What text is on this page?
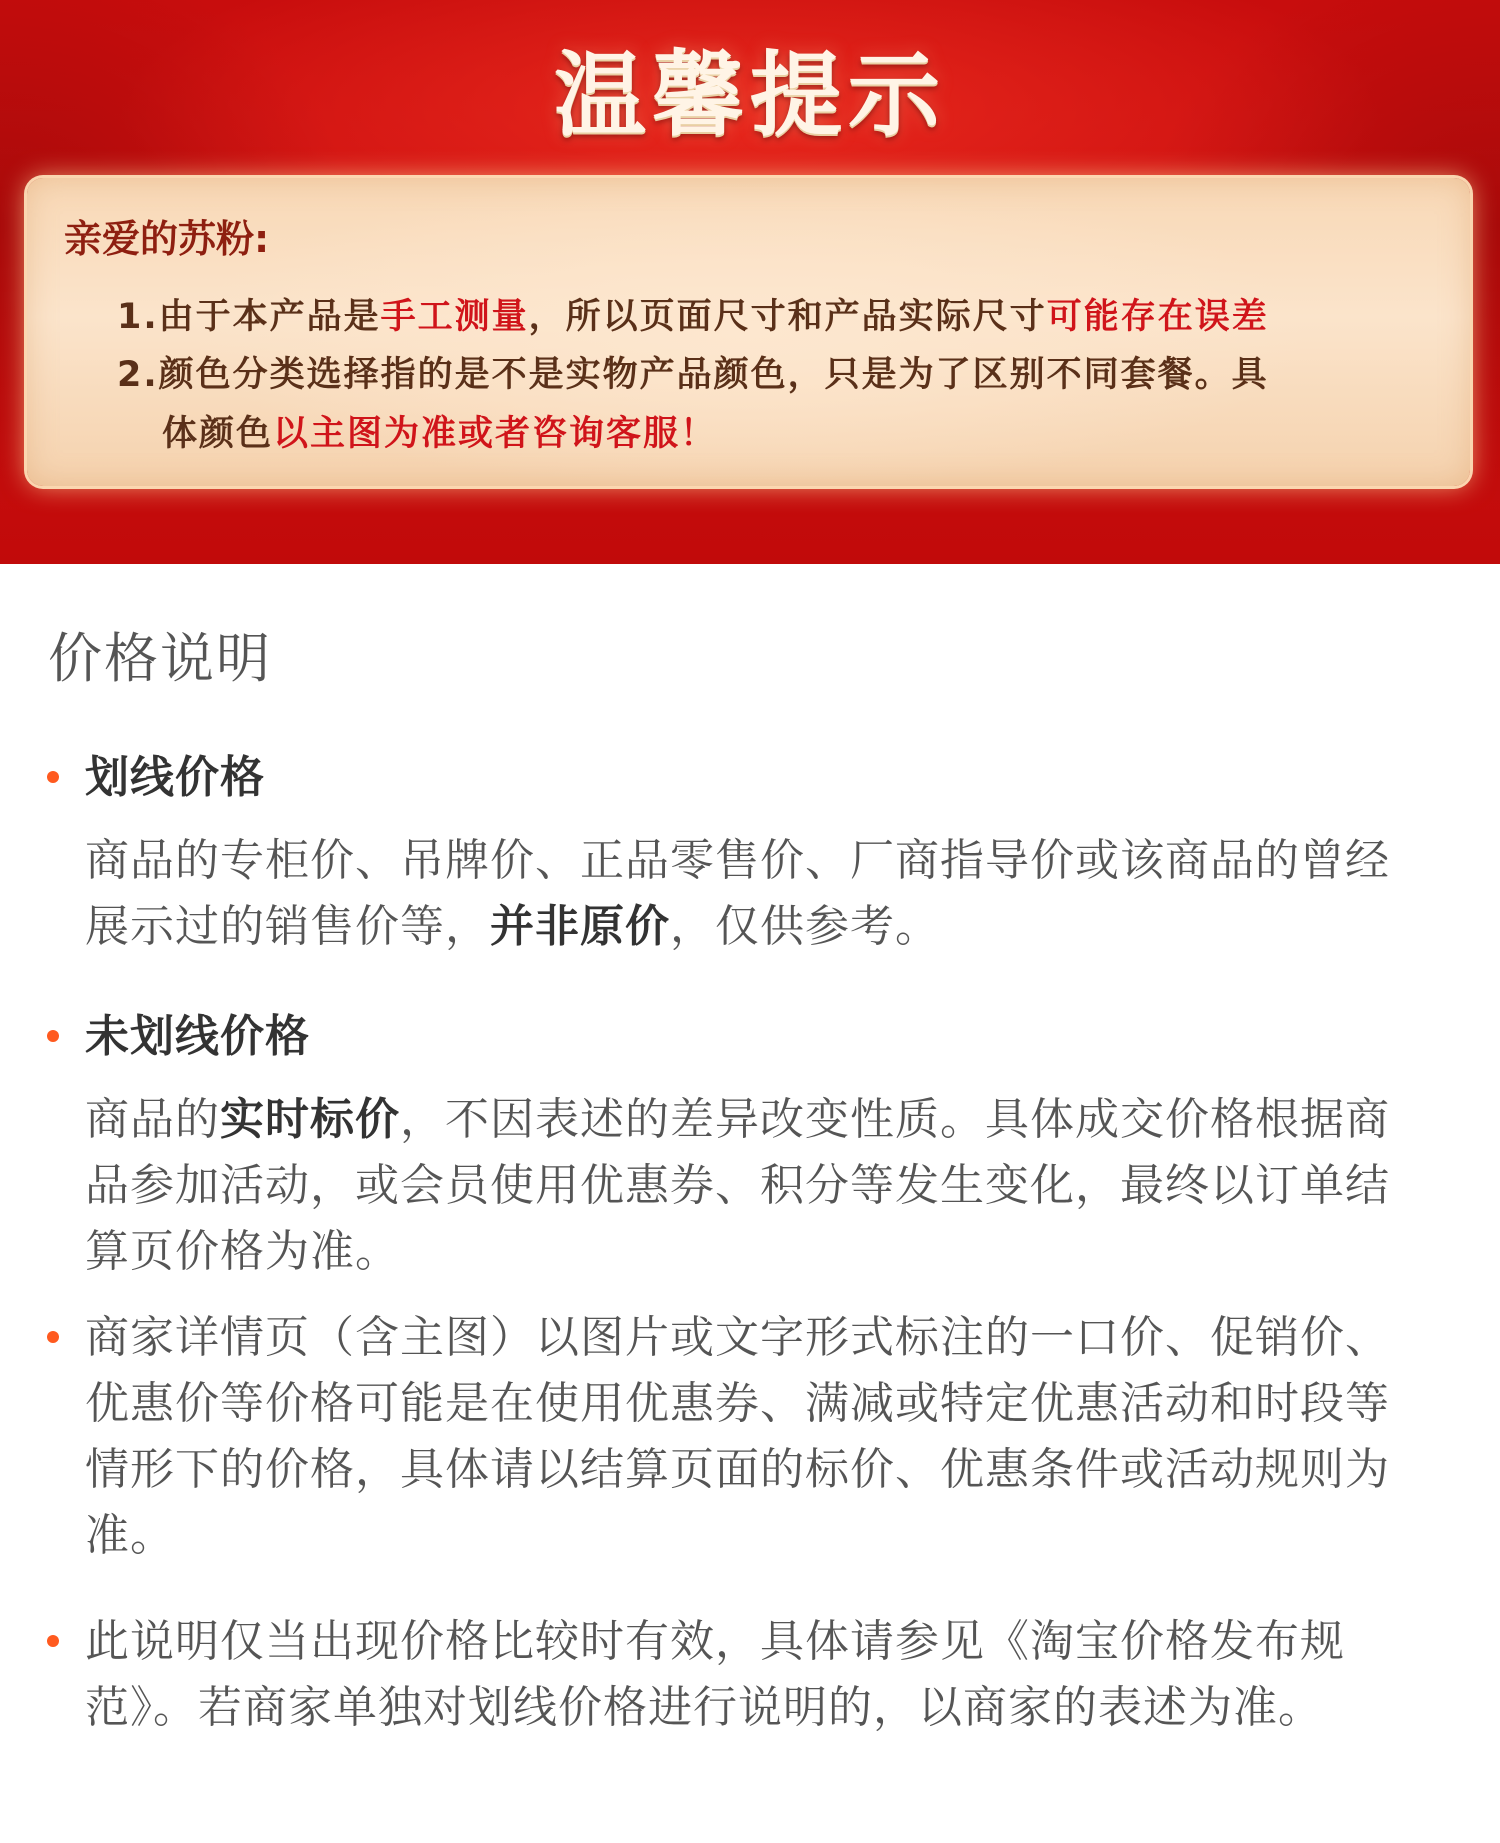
温馨提示
亲爱的苏粉:
1.由于本产品是手工测量，所以页面尺寸和产品实际尺寸可能存在误差
2.颜色分类选择指的是不是实物产品颜色，只是为了区别不同套餐。具
体颜色以主图为准或者咨询客服！
价格说明
划线价格
商品的专柜价、吊牌价、正品零售价、厂商指导价或该商品的曾经展示过的销售价等，并非原价，仅供参考。
未划线价格
商品的实时标价，不因表述的差异改变性质。具体成交价格根据商品参加活动，或会员使用优惠券、积分等发生变化，最终以订单结算页价格为准。
商家详情页（含主图）以图片或文字形式标注的一口价、促销价、优惠价等价格可能是在使用优惠券、满减或特定优惠活动和时段等情形下的价格，具体请以结算页面的标价、优惠条件或活动规则为准。
此说明仅当出现价格比较时有效，具体请参见《淘宝价格发布规范》。若商家单独对划线价格进行说明的，以商家的表述为准。
